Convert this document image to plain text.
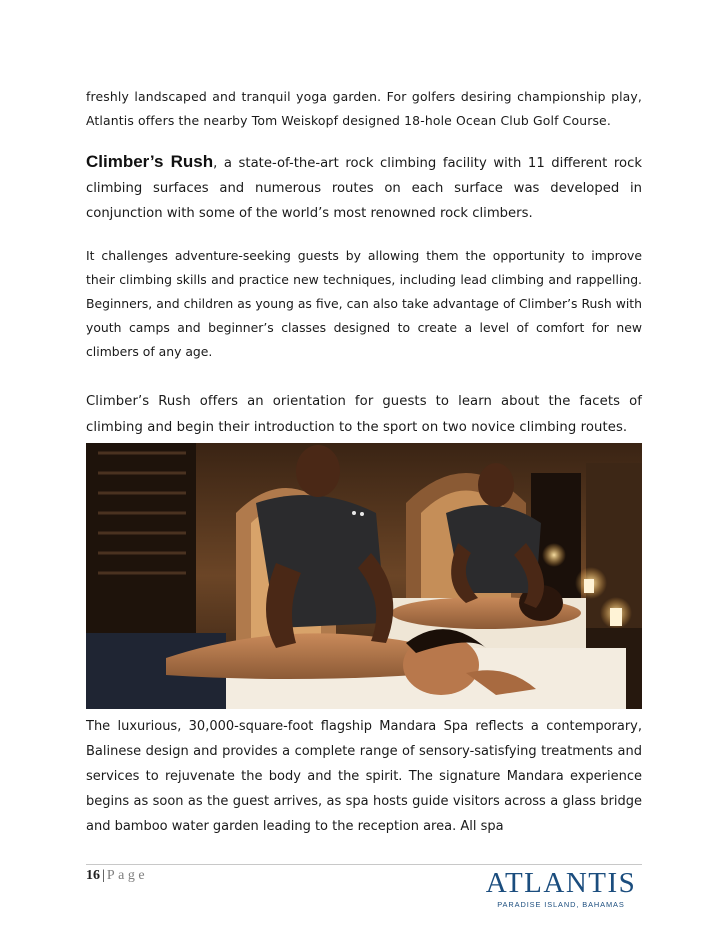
freshly landscaped and tranquil yoga garden. For golfers desiring championship play, Atlantis offers the nearby Tom Weiskopf designed 18-hole Ocean Club Golf Course.

Climber’s Rush, a state-of-the-art rock climbing facility with 11 different rock climbing surfaces and numerous routes on each surface was developed in conjunction with some of the world’s most renowned rock climbers.

It challenges adventure-seeking guests by allowing them the opportunity to improve their climbing skills and practice new techniques, including lead climbing and rappelling. Beginners, and children as young as five, can also take advantage of Climber’s Rush with youth camps and beginner’s classes designed to create a level of comfort for new climbers of any age.

Climber’s Rush offers an orientation for guests to learn about the facets of climbing and begin their introduction to the sport on two novice climbing routes.

The luxurious, 30,000-square-foot flagship Mandara Spa reflects a contemporary, Balinese design and provides a complete range of sensory-satisfying treatments and services to rejuvenate the body and the spirit. The signature Mandara experience begins as soon as the guest arrives, as spa hosts guide visitors across a glass bridge and bamboo water garden leading to the reception area. All spa

16 | Page	ATLANTIS
PARADISE ISLAND, BAHAMAS
